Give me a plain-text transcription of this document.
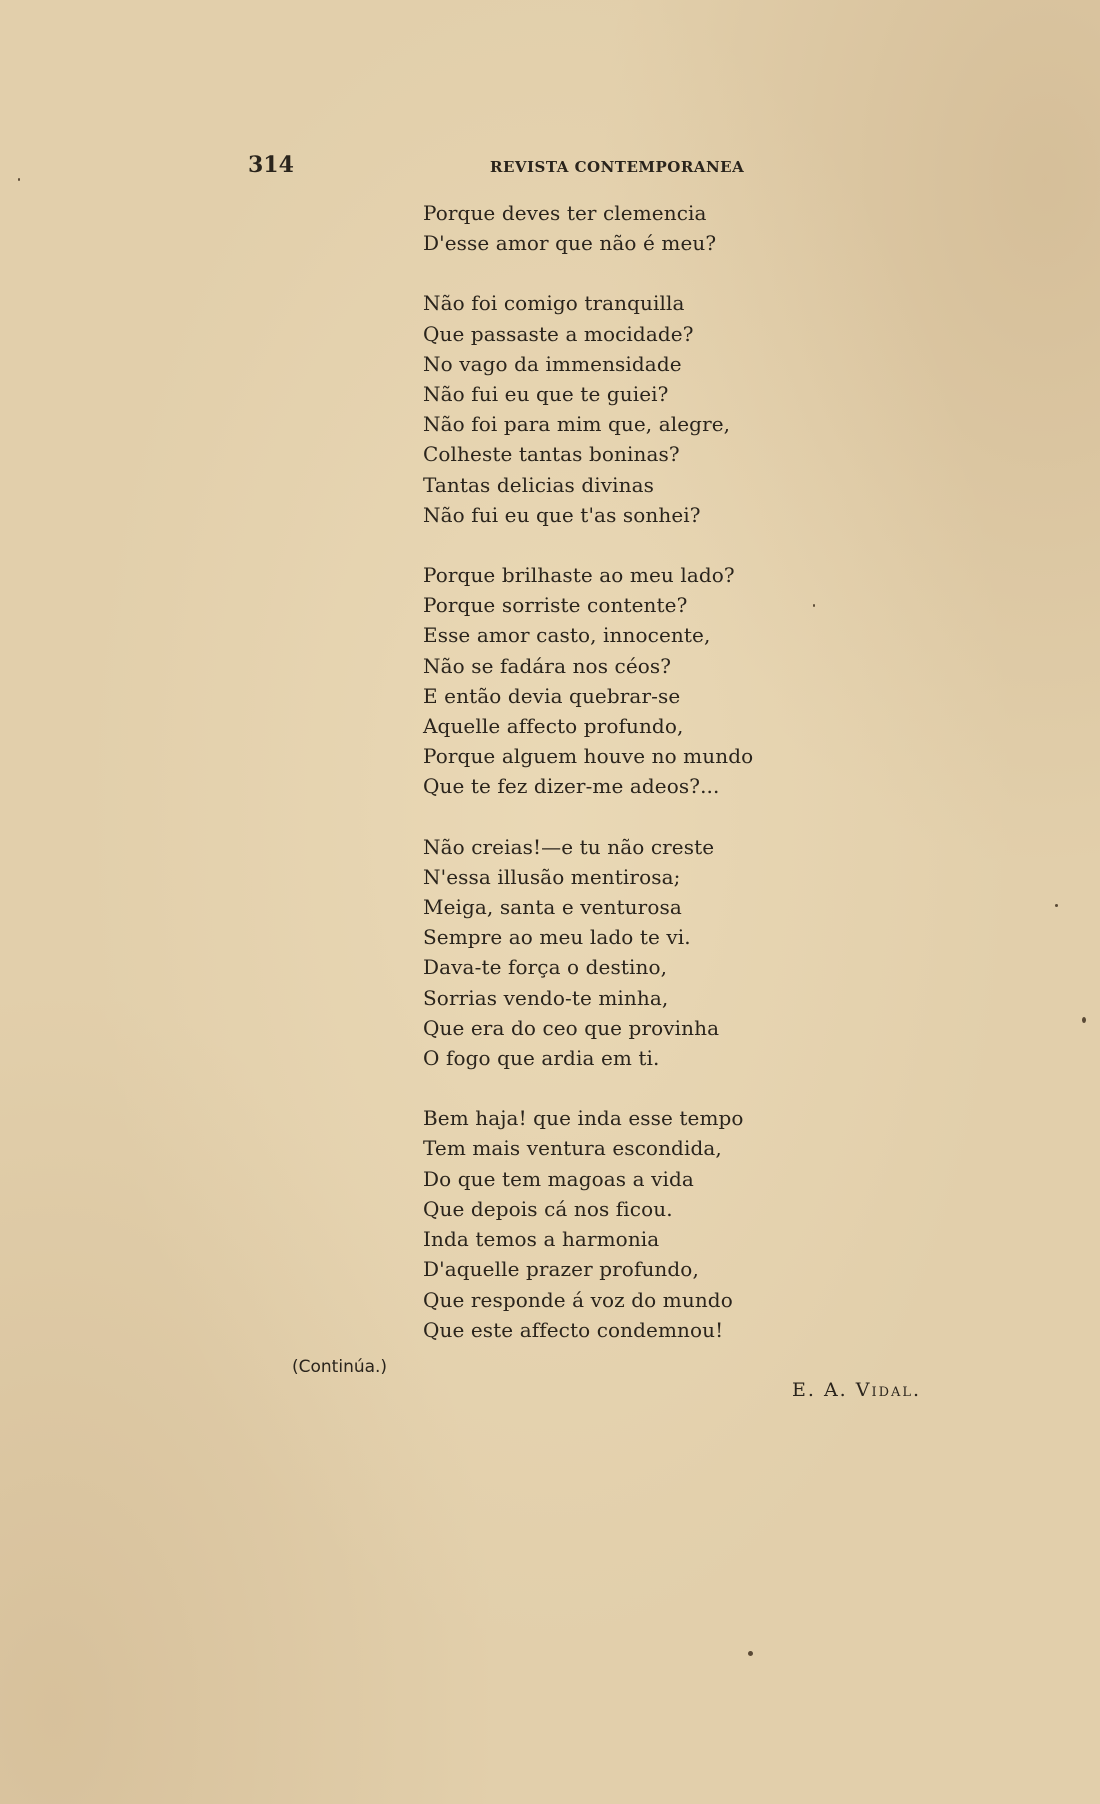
314	REVISTA CONTEMPORANEA
Porque deves ter clemencia
D'esse amor que não é meu?
Não foi comigo tranquilla
Que passaste a mocidade?
No vago da immensidade
Não fui eu que te guiei?
Não foi para mim que, alegre,
Colheste tantas boninas?
Tantas delicias divinas
Não fui eu que t'as sonhei?
Porque brilhaste ao meu lado?
Porque sorriste contente?
Esse amor casto, innocente,
Não se fadára nos céos?
E então devia quebrar-se
Aquelle affecto profundo,
Porque alguem houve no mundo
Que te fez dizer-me adeos?...
Não creias!—e tu não creste
N'essa illusão mentirosa;
Meiga, santa e venturosa
Sempre ao meu lado te vi.
Dava-te força o destino,
Sorrias vendo-te minha,
Que era do ceo que provinha
O fogo que ardia em ti.
Bem haja! que inda esse tempo
Tem mais ventura escondida,
Do que tem magoas a vida
Que depois cá nos ficou.
Inda temos a harmonia
D'aquelle prazer profundo,
Que responde á voz do mundo
Que este affecto condemnou!
(Continúa.)
E. A. Vidal.
